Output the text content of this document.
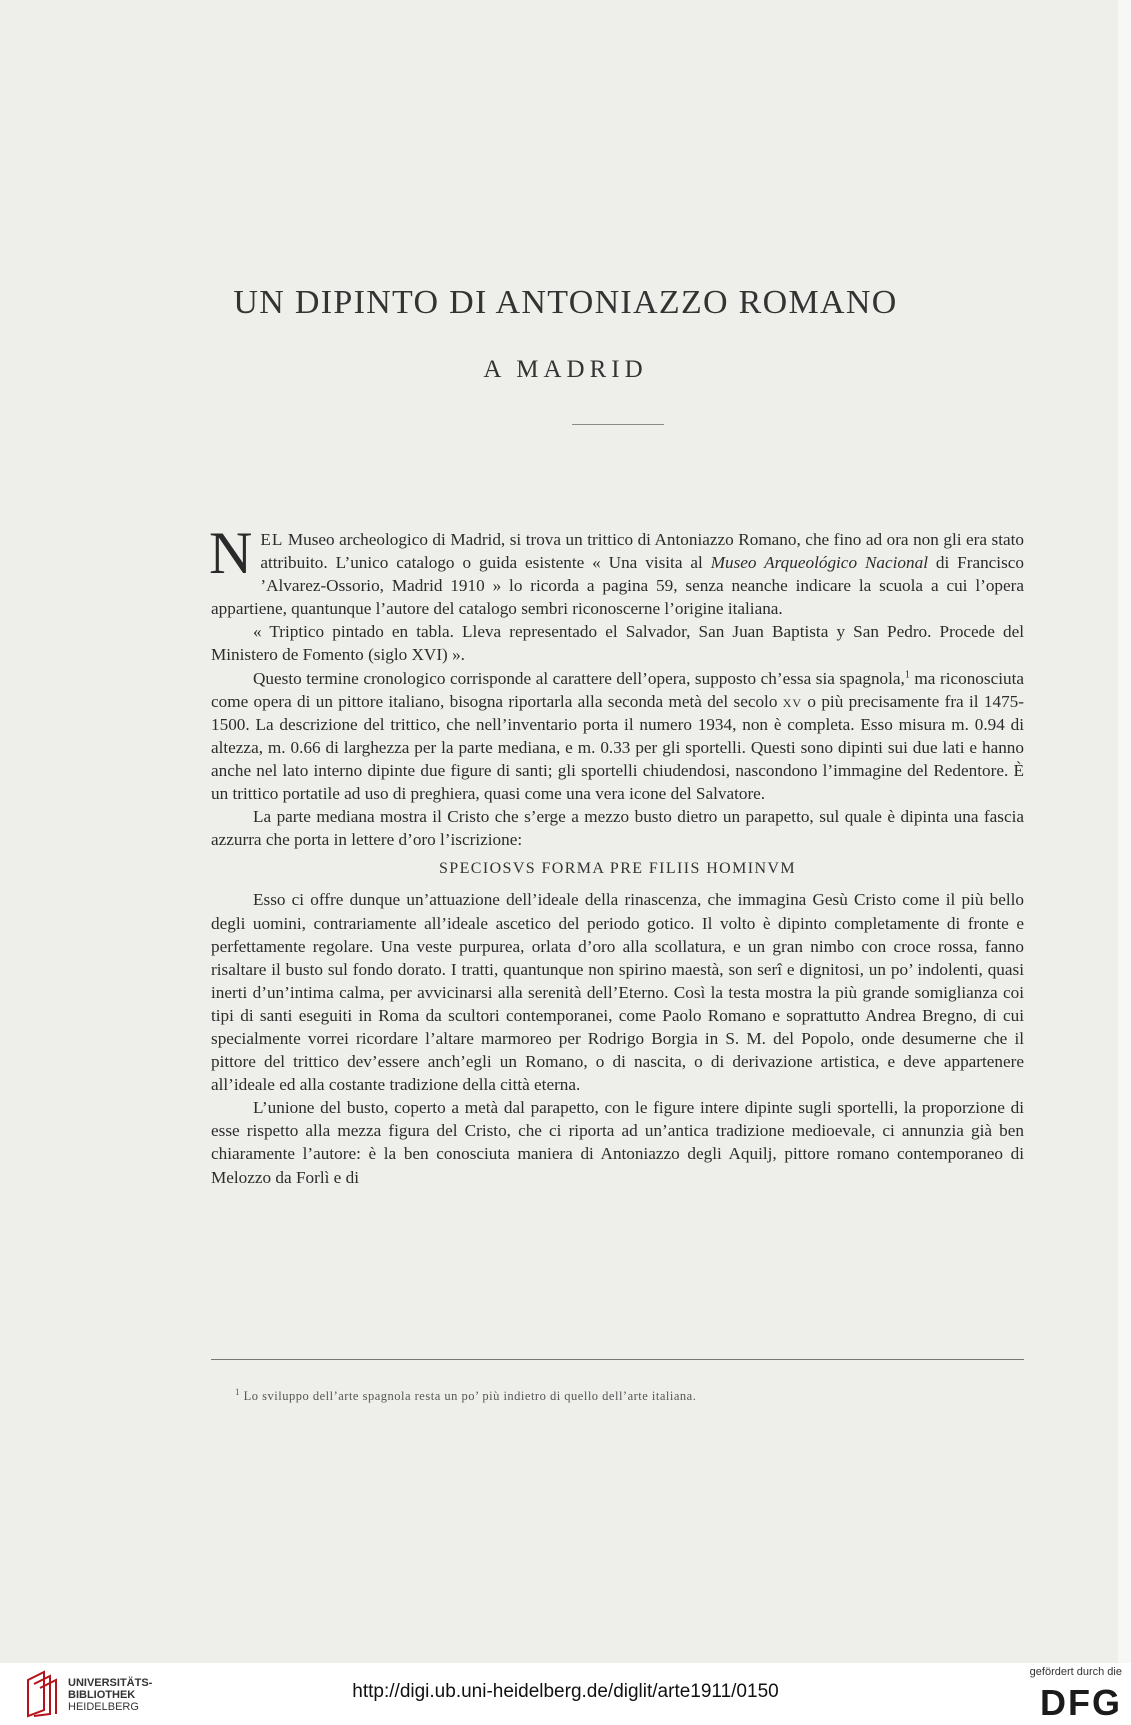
UN DIPINTO DI ANTONIAZZO ROMANO
A MADRID

NEL Museo archeologico di Madrid, si trova un trittico di Antoniazzo Romano, che fino ad ora non gli era stato attribuito. L’unico catalogo o guida esistente « Una visita al Museo Arqueológico Nacional di Francisco ’Alvarez-Ossorio, Madrid 1910 » lo ricorda a pagina 59, senza neanche indicare la scuola a cui l’opera appartiene, quantunque l’autore del catalogo sembri riconoscerne l’origine italiana.

« Triptico pintado en tabla. Lleva representado el Salvador, San Juan Baptista y San Pedro. Procede del Ministero de Fomento (siglo XVI) ».

Questo termine cronologico corrisponde al carattere dell’opera, supposto ch’essa sia spagnola,$^1$ ma riconosciuta come opera di un pittore italiano, bisogna riportarla alla seconda metà del secolo xv o più precisamente fra il 1475-1500. La descrizione del trittico, che nell’inventario porta il numero 1934, non è completa. Esso misura m. 0.94 di altezza, m. 0.66 di larghezza per la parte mediana, e m. 0.33 per gli sportelli. Questi sono dipinti sui due lati e hanno anche nel lato interno dipinte due figure di santi; gli sportelli chiudendosi, nascondono l’immagine del Redentore. È un trittico portatile ad uso di preghiera, quasi come una vera icone del Salvatore.

La parte mediana mostra il Cristo che s’erge a mezzo busto dietro un parapetto, sul quale è dipinta una fascia azzurra che porta in lettere d’oro l’iscrizione:

SPECIOSVS FORMA PRE FILIIS HOMINVM

Esso ci offre dunque un’attuazione dell’ideale della rinascenza, che immagina Gesù Cristo come il più bello degli uomini, contrariamente all’ideale ascetico del periodo gotico. Il volto è dipinto completamente di fronte e perfettamente regolare. Una veste purpurea, orlata d’oro alla scollatura, e un gran nimbo con croce rossa, fanno risaltare il busto sul fondo dorato. I tratti, quantunque non spirino maestà, son serî e dignitosi, un po’ indolenti, quasi inerti d’un’intima calma, per avvicinarsi alla serenità dell’Eterno. Così la testa mostra la più grande somiglianza coi tipi di santi eseguiti in Roma da scultori contemporanei, come Paolo Romano e soprattutto Andrea Bregno, di cui specialmente vorrei ricordare l’altare marmoreo per Rodrigo Borgia in S. M. del Popolo, onde desumerne che il pittore del trittico dev’essere anch’egli un Romano, o di nascita, o di derivazione artistica, e deve appartenere all’ideale ed alla costante tradizione della città eterna.

L’unione del busto, coperto a metà dal parapetto, con le figure intere dipinte sugli sportelli, la proporzione di esse rispetto alla mezza figura del Cristo, che ci riporta ad un’antica tradizione medioevale, ci annunzia già ben chiaramente l’autore: è la ben conosciuta maniera di Antoniazzo degli Aquilj, pittore romano contemporaneo di Melozzo da Forlì e di

$^1$ Lo sviluppo dell’arte spagnola resta un po’ più indietro di quello dell’arte italiana.
UNIVERSITÄTS-
BIBLIOTHEK
HEIDELBERG
http://digi.ub.uni-heidelberg.de/diglit/arte1911/0150
gefördert durch die
DFG
